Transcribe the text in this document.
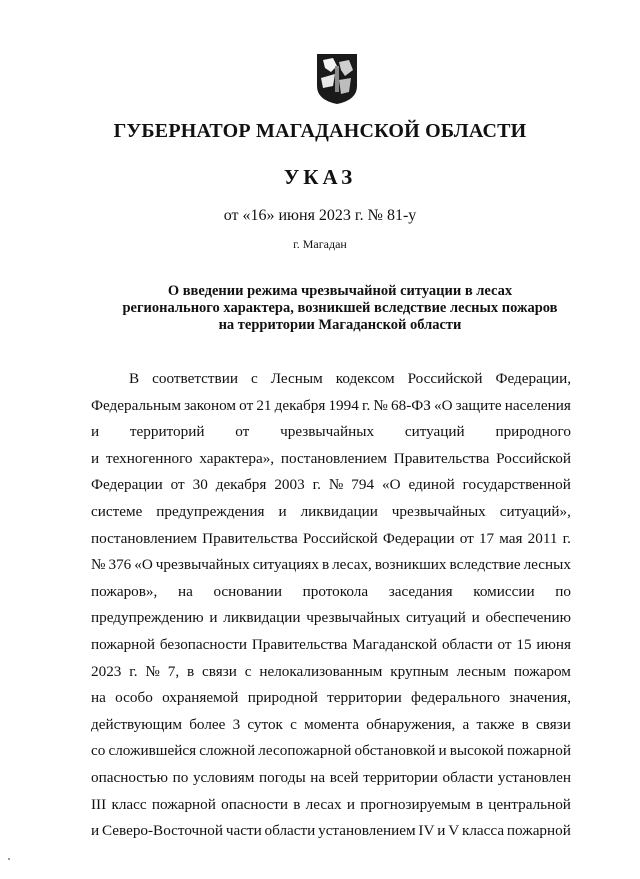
ГУБЕРНАТОР МАГАДАНСКОЙ ОБЛАСТИ
УКАЗ
от «16» июня 2023 г. № 81-у
г. Магадан
О введении режима чрезвычайной ситуации в лесах
регионального характера, возникшей вследствие лесных пожаров
на территории Магаданской области
В соответствии с Лесным кодексом Российской Федерации,
Федеральным законом от 21 декабря 1994 г. № 68-ФЗ «О защите населения
и территорий от чрезвычайных ситуаций природного
и техногенного характера», постановлением Правительства Российской
Федерации от 30 декабря 2003 г. № 794 «О единой государственной
системе предупреждения и ликвидации чрезвычайных ситуаций»,
постановлением Правительства Российской Федерации от 17 мая 2011 г.
№ 376 «О чрезвычайных ситуациях в лесах, возникших вследствие лесных
пожаров», на основании протокола заседания комиссии по
предупреждению и ликвидации чрезвычайных ситуаций и обеспечению
пожарной безопасности Правительства Магаданской области от 15 июня
2023 г. № 7, в связи с нелокализованным крупным лесным пожаром
на особо охраняемой природной территории федерального значения,
действующим более 3 суток с момента обнаружения, а также в связи
со сложившейся сложной лесопожарной обстановкой и высокой пожарной
опасностью по условиям погоды на всей территории области установлен
III класс пожарной опасности в лесах и прогнозируемым в центральной
и Северо-Восточной части области установлением IV и V класса пожарной
